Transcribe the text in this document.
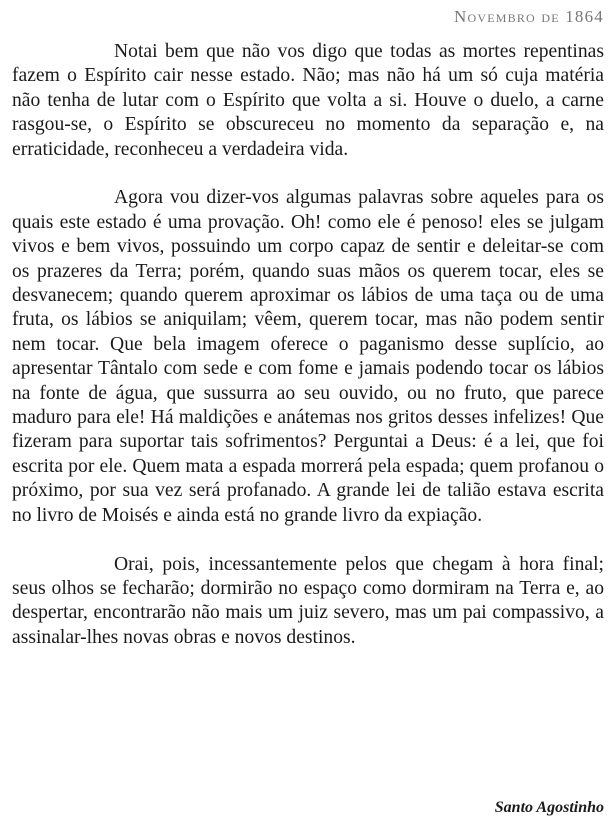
Novembro de 1864

Notai bem que não vos digo que todas as mortes repentinas fazem o Espírito cair nesse estado. Não; mas não há um só cuja matéria não tenha de lutar com o Espírito que volta a si. Houve o duelo, a carne rasgou-se, o Espírito se obscureceu no momento da separação e, na erraticidade, reconheceu a verdadeira vida.

Agora vou dizer-vos algumas palavras sobre aqueles para os quais este estado é uma provação. Oh! como ele é penoso! eles se julgam vivos e bem vivos, possuindo um corpo capaz de sentir e deleitar-se com os prazeres da Terra; porém, quando suas mãos os querem tocar, eles se desvanecem; quando querem aproximar os lábios de uma taça ou de uma fruta, os lábios se aniquilam; vêem, querem tocar, mas não podem sentir nem tocar. Que bela imagem oferece o paganismo desse suplício, ao apresentar Tântalo com sede e com fome e jamais podendo tocar os lábios na fonte de água, que sussurra ao seu ouvido, ou no fruto, que parece maduro para ele! Há maldições e anátemas nos gritos desses infelizes! Que fizeram para suportar tais sofrimentos? Perguntai a Deus: é a lei, que foi escrita por ele. Quem mata a espada morrerá pela espada; quem profanou o próximo, por sua vez será profanado. A grande lei de talião estava escrita no livro de Moisés e ainda está no grande livro da expiação.

Orai, pois, incessantemente pelos que chegam à hora final; seus olhos se fecharão; dormirão no espaço como dormiram na Terra e, ao despertar, encontrarão não mais um juiz severo, mas um pai compassivo, a assinalar-lhes novas obras e novos destinos.

Santo Agostinho
